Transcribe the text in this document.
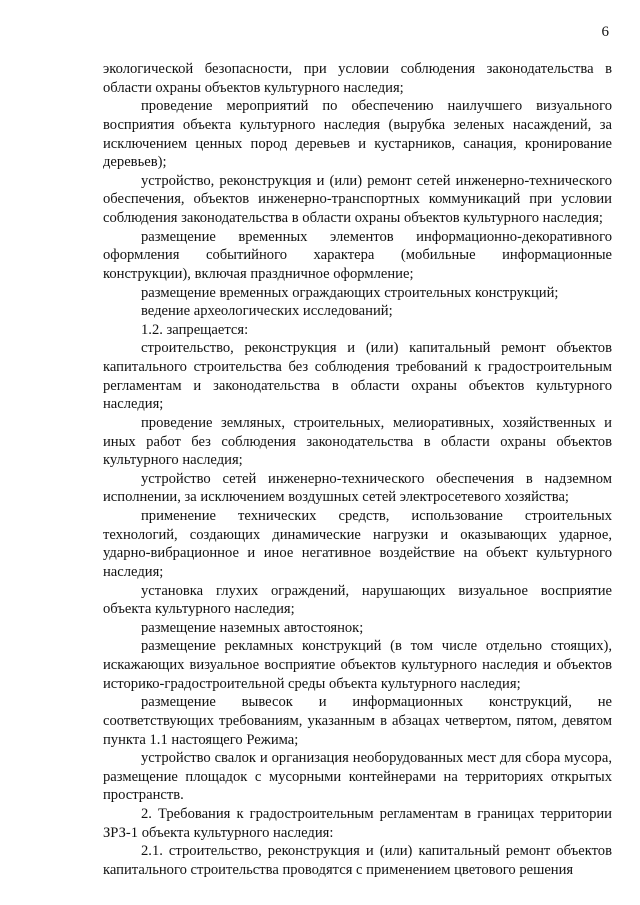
6

экологической безопасности, при условии соблюдения законодательства в области охраны объектов культурного наследия;

проведение мероприятий по обеспечению наилучшего визуального восприятия объекта культурного наследия (вырубка зеленых насаждений, за исключением ценных пород деревьев и кустарников, санация, кронирование деревьев);

устройство, реконструкция и (или) ремонт сетей инженерно-технического обеспечения, объектов инженерно-транспортных коммуникаций при условии соблюдения законодательства в области охраны объектов культурного наследия;

размещение временных элементов информационно-декоративного оформления событийного характера (мобильные информационные конструкции), включая праздничное оформление;

размещение временных ограждающих строительных конструкций;

ведение археологических исследований;

1.2. запрещается:

строительство, реконструкция и (или) капитальный ремонт объектов капитального строительства без соблюдения требований к градостроительным регламентам и законодательства в области охраны объектов культурного наследия;

проведение земляных, строительных, мелиоративных, хозяйственных и иных работ без соблюдения законодательства в области охраны объектов культурного наследия;

устройство сетей инженерно-технического обеспечения в надземном исполнении, за исключением воздушных сетей электросетевого хозяйства;

применение технических средств, использование строительных технологий, создающих динамические нагрузки и оказывающих ударное, ударно-вибрационное и иное негативное воздействие на объект культурного наследия;

установка глухих ограждений, нарушающих визуальное восприятие объекта культурного наследия;

размещение наземных автостоянок;

размещение рекламных конструкций (в том числе отдельно стоящих), искажающих визуальное восприятие объектов культурного наследия и объектов историко-градостроительной среды объекта культурного наследия;

размещение вывесок и информационных конструкций, не соответствующих требованиям, указанным в абзацах четвертом, пятом, девятом пункта 1.1 настоящего Режима;

устройство свалок и организация необорудованных мест для сбора мусора, размещение площадок с мусорными контейнерами на территориях открытых пространств.

2. Требования к градостроительным регламентам в границах территории ЗРЗ-1 объекта культурного наследия:

2.1. строительство, реконструкция и (или) капитальный ремонт объектов капитального строительства проводятся с применением цветового решения
